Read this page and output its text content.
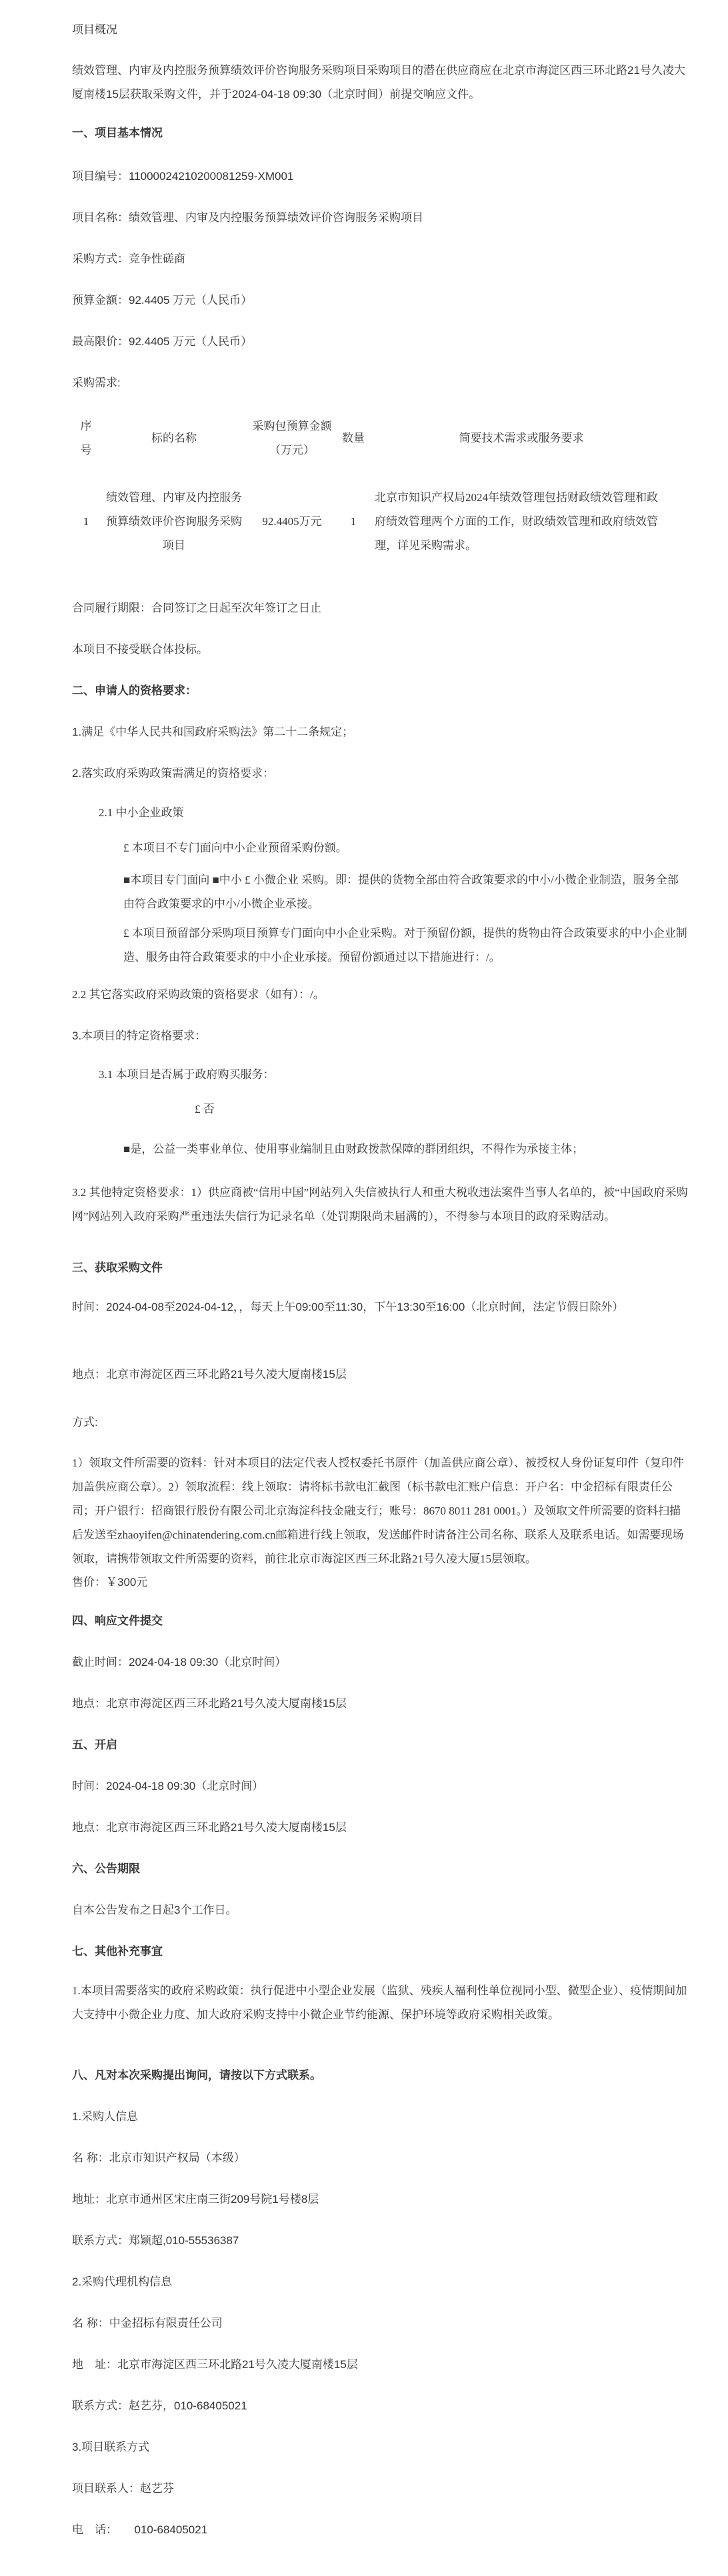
项目概况

绩效管理、内审及内控服务预算绩效评价咨询服务采购项目采购项目的潜在供应商应在北京市海淀区西三环北路21号久凌大厦南楼15层获取采购文件，并于2024-04-18 09:30（北京时间）前提交响应文件。

一、项目基本情况

项目编号：11000024210200081259-XM001

项目名称：绩效管理、内审及内控服务预算绩效评价咨询服务采购项目

采购方式：竞争性磋商

预算金额：92.4405 万元（人民币）

最高限价：92.4405 万元（人民币）

采购需求:

序号	标的名称	采购包预算金额（万元）	数量	简要技术需求或服务要求
1	绩效管理、内审及内控服务预算绩效评价咨询服务采购项目	92.4405万元	1	北京市知识产权局2024年绩效管理包括财政绩效管理和政府绩效管理两个方面的工作，财政绩效管理和政府绩效管理，详见采购需求。

合同履行期限：合同签订之日起至次年签订之日止

本项目不接受联合体投标。

二、申请人的资格要求：

1.满足《中华人民共和国政府采购法》第二十二条规定；

2.落实政府采购政策需满足的资格要求：

2.1 中小企业政策

£ 本项目不专门面向中小企业预留采购份额。

■本项目专门面向 ■中小 £ 小微企业 采购。即：提供的货物全部由符合政策要求的中小/小微企业制造，服务全部由符合政策要求的中小/小微企业承接。

£ 本项目预留部分采购项目预算专门面向中小企业采购。对于预留份额，提供的货物由符合政策要求的中小企业制造、服务由符合政策要求的中小企业承接。预留份额通过以下措施进行：/。

2.2 其它落实政府采购政策的资格要求（如有）：/。

3.本项目的特定资格要求：

3.1 本项目是否属于政府购买服务：

£ 否

■是，公益一类事业单位、使用事业编制且由财政拨款保障的群团组织，不得作为承接主体；

3.2 其他特定资格要求：1）供应商被“信用中国”网站列入失信被执行人和重大税收违法案件当事人名单的，被“中国政府采购网”网站列入政府采购严重违法失信行为记录名单（处罚期限尚未届满的），不得参与本项目的政府采购活动。

三、获取采购文件

时间：2024-04-08至2024-04-12，，每天上午09:00至11:30，下午13:30至16:00（北京时间，法定节假日除外）

地点：北京市海淀区西三环北路21号久凌大厦南楼15层

方式:

1）领取文件所需要的资料：针对本项目的法定代表人授权委托书原件（加盖供应商公章）、被授权人身份证复印件（复印件加盖供应商公章）。2）领取流程：线上领取：请将标书款电汇截图（标书款电汇账户信息：开户名：中金招标有限责任公司；开户银行：招商银行股份有限公司北京海淀科技金融支行；账号：8670 8011 281 0001。）及领取文件所需要的资料扫描后发送至zhaoyifen@chinatendering.com.cn邮箱进行线上领取，发送邮件时请备注公司名称、联系人及联系电话。如需要现场领取，请携带领取文件所需要的资料，前往北京市海淀区西三环北路21号久凌大厦15层领取。

售价：￥300元

四、响应文件提交

截止时间：2024-04-18 09:30（北京时间）

地点：北京市海淀区西三环北路21号久凌大厦南楼15层

五、开启

时间：2024-04-18 09:30（北京时间）

地点：北京市海淀区西三环北路21号久凌大厦南楼15层

六、公告期限

自本公告发布之日起3个工作日。

七、其他补充事宜

1.本项目需要落实的政府采购政策：执行促进中小型企业发展（监狱、残疾人福利性单位视同小型、微型企业）、疫情期间加大支持中小微企业力度、加大政府采购支持中小微企业节约能源、保护环境等政府采购相关政策。

八、凡对本次采购提出询问，请按以下方式联系。

1.采购人信息

名 称：北京市知识产权局（本级）

地址：北京市通州区宋庄南三街209号院1号楼8层

联系方式：郑颖超,010-55536387

2.采购代理机构信息

名 称：中金招标有限责任公司

地　址：北京市海淀区西三环北路21号久凌大厦南楼15层

联系方式：赵艺芬，010-68405021

3.项目联系方式

项目联系人：赵艺芬

电　话：　　010-68405021
